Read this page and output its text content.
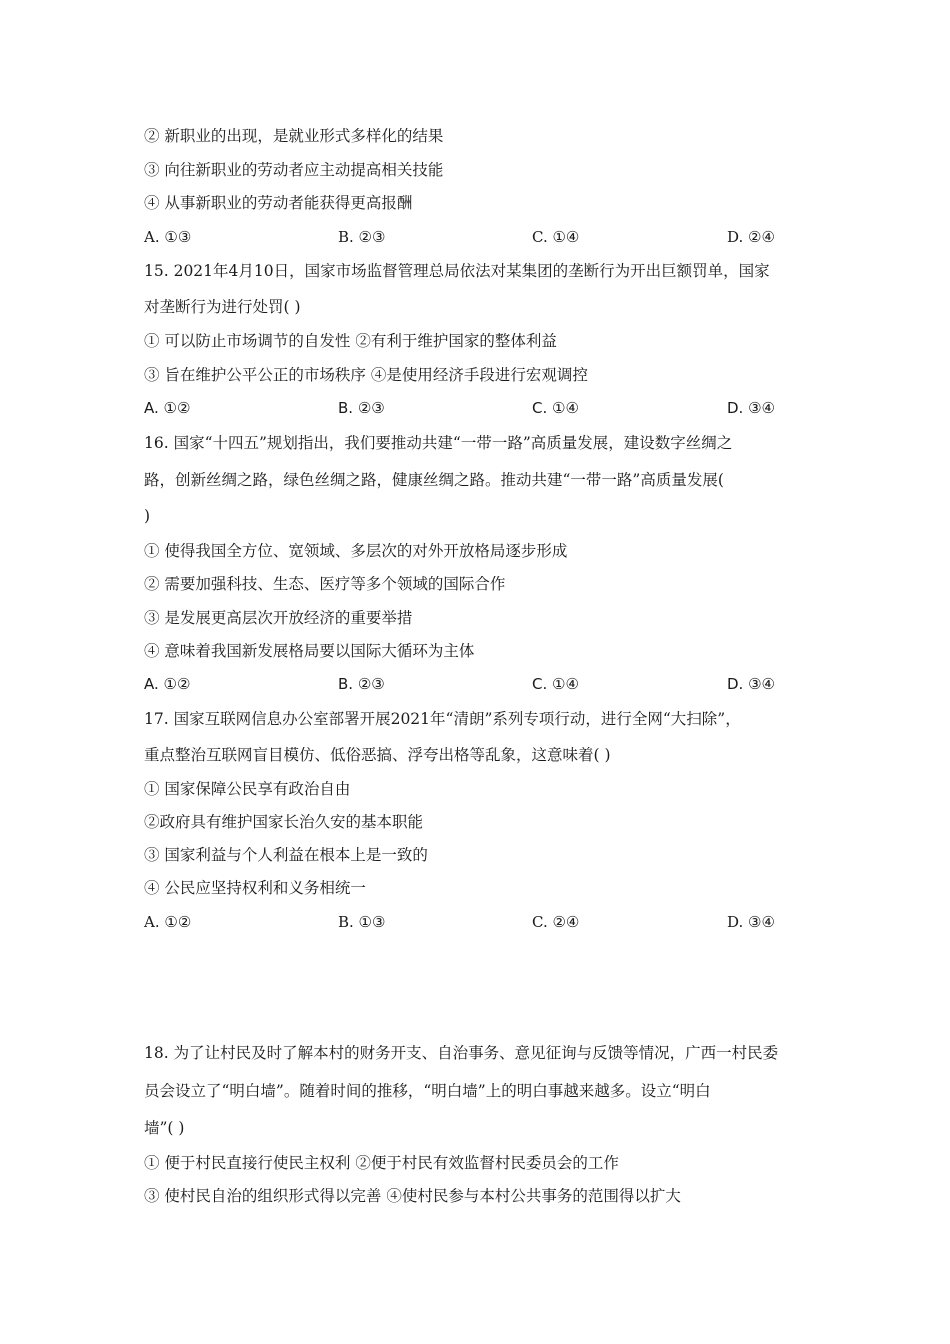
② 新职业的出现，是就业形式多样化的结果
③ 向往新职业的劳动者应主动提高相关技能
④ 从事新职业的劳动者能获得更高报酬
A. ①③	B. ②③	C. ①④	D. ②④
15. 2021年4月10日，国家市场监督管理总局依法对某集团的垄断行为开出巨额罚单，国家
对垄断行为进行处罚( )
① 可以防止市场调节的自发性 ②有利于维护国家的整体利益
③ 旨在维护公平公正的市场秩序 ④是使用经济手段进行宏观调控
A. ①②	B. ②③	C. ①④	D. ③④
16. 国家“十四五”规划指出，我们要推动共建“一带一路”高质量发展，建设数字丝绸之
路，创新丝绸之路，绿色丝绸之路，健康丝绸之路。推动共建“一带一路”高质量发展(
)
① 使得我国全方位、宽领域、多层次的对外开放格局逐步形成
② 需要加强科技、生态、医疗等多个领域的国际合作
③ 是发展更高层次开放经济的重要举措
④ 意味着我国新发展格局要以国际大循环为主体
A. ①②	B. ②③	C. ①④	D. ③④
17. 国家互联网信息办公室部署开展2021年“清朗”系列专项行动，进行全网“大扫除”，
重点整治互联网盲目模仿、低俗恶搞、浮夸出格等乱象，这意味着( )
① 国家保障公民享有政治自由
②政府具有维护国家长治久安的基本职能
③ 国家利益与个人利益在根本上是一致的
④ 公民应坚持权利和义务相统一
A. ①②	B. ①③	C. ②④	D. ③④
18. 为了让村民及时了解本村的财务开支、自治事务、意见征询与反馈等情况，广西一村民委
员会设立了“明白墙”。随着时间的推移，“明白墙”上的明白事越来越多。设立“明白
墙”( )
① 便于村民直接行使民主权利 ②便于村民有效监督村民委员会的工作
③ 使村民自治的组织形式得以完善 ④使村民参与本村公共事务的范围得以扩大
